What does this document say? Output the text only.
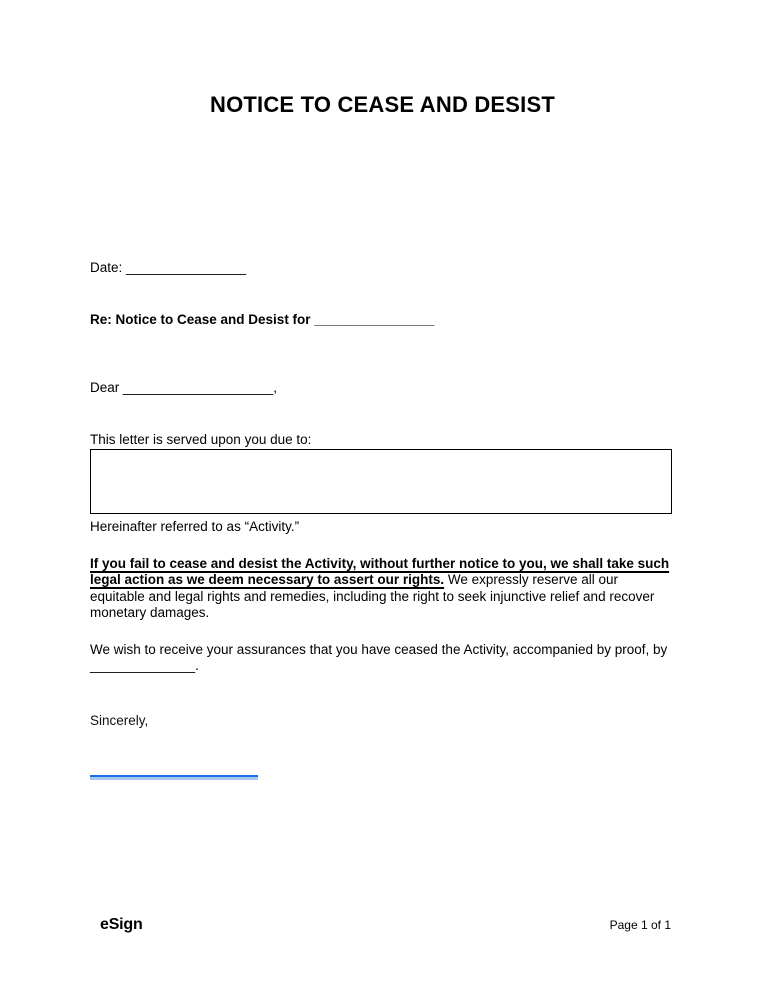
NOTICE TO CEASE AND DESIST

Date: ________________

Re: Notice to Cease and Desist for ________________

Dear ____________________,

This letter is served upon you due to:

Hereinafter referred to as “Activity.”

If you fail to cease and desist the Activity, without further notice to you, we shall take such legal action as we deem necessary to assert our rights. We expressly reserve all our equitable and legal rights and remedies, including the right to seek injunctive relief and recover monetary damages.

We wish to receive your assurances that you have ceased the Activity, accompanied by proof, by ______________.

Sincerely,

eSign	Page 1 of 1
